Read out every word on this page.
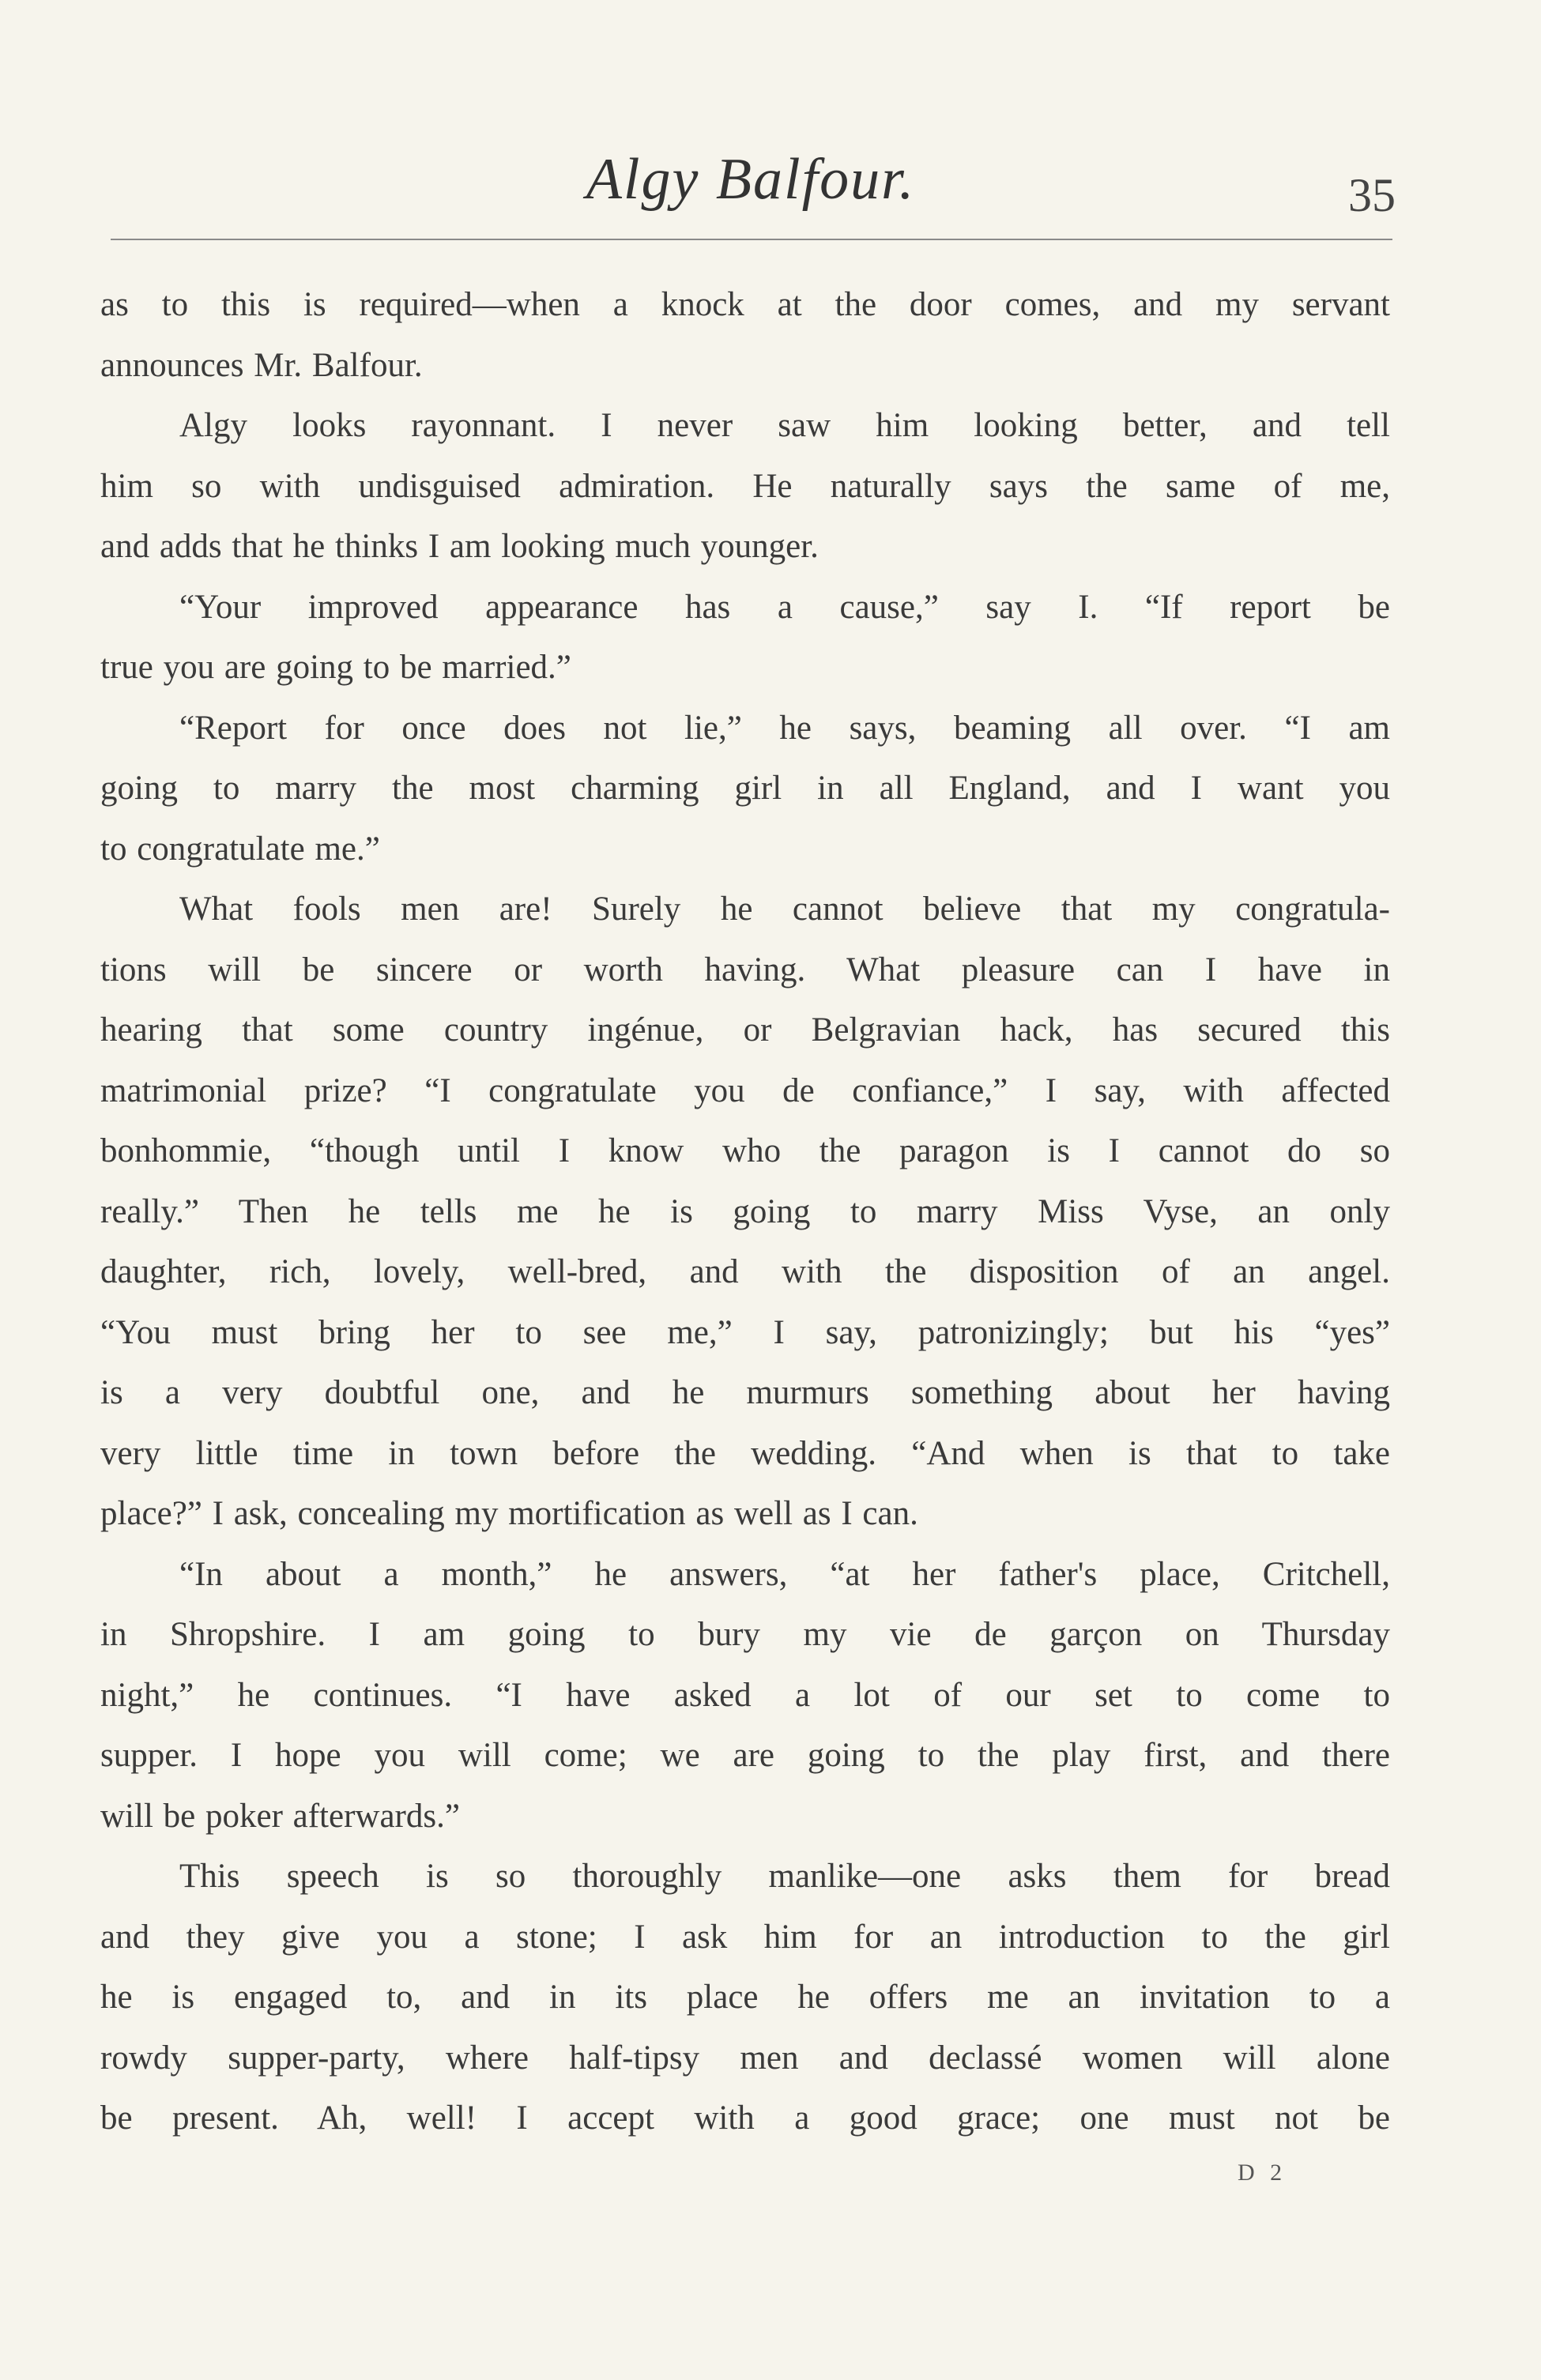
Algy Balfour.	35
as to this is required—when a knock at the door comes, and my servant
announces Mr. Balfour.
Algy looks rayonnant. I never saw him looking better, and tell
him so with undisguised admiration. He naturally says the same of me,
and adds that he thinks I am looking much younger.
“Your improved appearance has a cause,” say I. “If report be
true you are going to be married.”
“Report for once does not lie,” he says, beaming all over. “I am
going to marry the most charming girl in all England, and I want you
to congratulate me.”
What fools men are! Surely he cannot believe that my congratula-
tions will be sincere or worth having. What pleasure can I have in
hearing that some country ingénue, or Belgravian hack, has secured this
matrimonial prize? “I congratulate you de confiance,” I say, with affected
bonhommie, “though until I know who the paragon is I cannot do so
really.” Then he tells me he is going to marry Miss Vyse, an only
daughter, rich, lovely, well-bred, and with the disposition of an angel.
“You must bring her to see me,” I say, patronizingly; but his “yes”
is a very doubtful one, and he murmurs something about her having
very little time in town before the wedding. “And when is that to take
place?” I ask, concealing my mortification as well as I can.
“In about a month,” he answers, “at her father's place, Critchell,
in Shropshire. I am going to bury my vie de garçon on Thursday
night,” he continues. “I have asked a lot of our set to come to
supper. I hope you will come; we are going to the play first, and there
will be poker afterwards.”
This speech is so thoroughly manlike—one asks them for bread
and they give you a stone; I ask him for an introduction to the girl
he is engaged to, and in its place he offers me an invitation to a
rowdy supper-party, where half-tipsy men and declassé women will alone
be present. Ah, well! I accept with a good grace; one must not be
D 2
